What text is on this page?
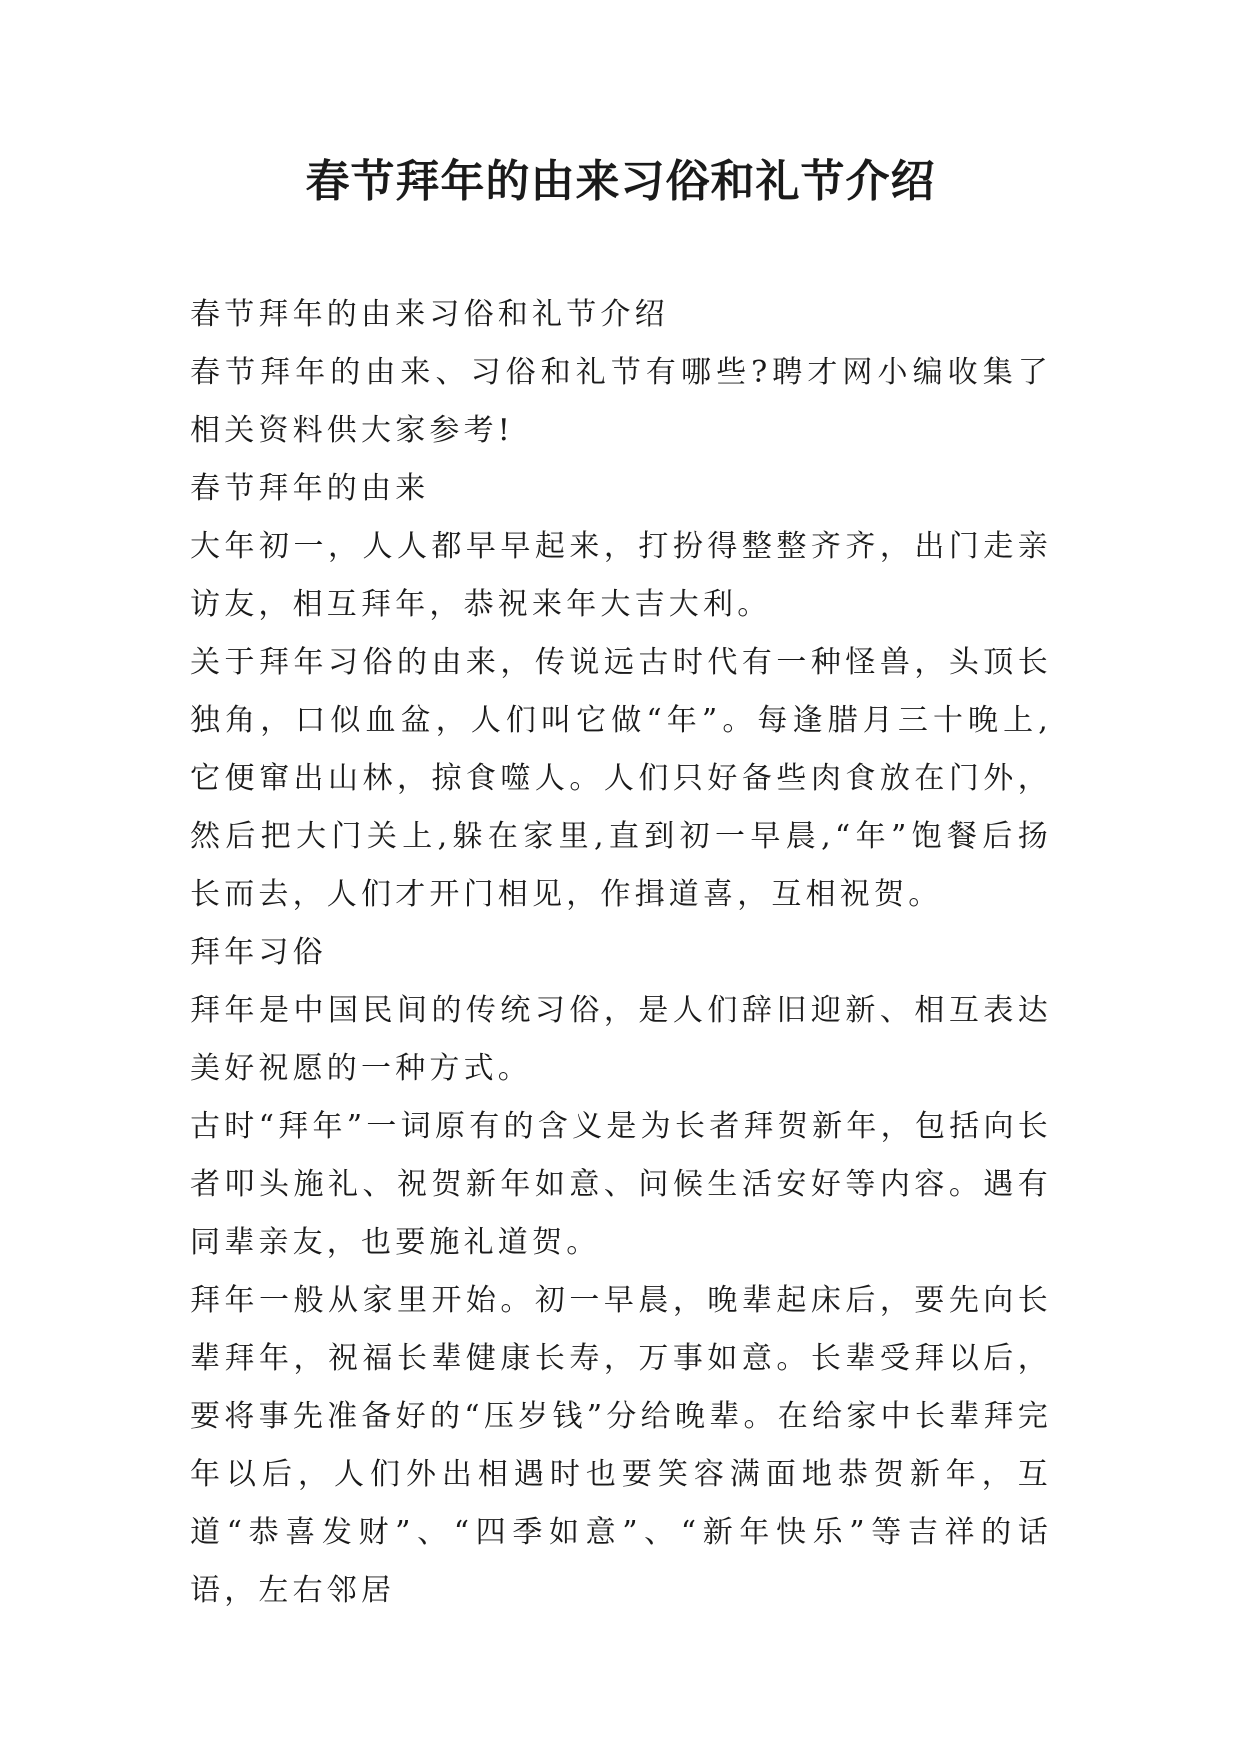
春节拜年的由来习俗和礼节介绍

春节拜年的由来习俗和礼节介绍

春节拜年的由来、习俗和礼节有哪些?聘才网小编收集了相关资料供大家参考!

春节拜年的由来

大年初一，人人都早早起来，打扮得整整齐齐，出门走亲访友，相互拜年，恭祝来年大吉大利。

关于拜年习俗的由来，传说远古时代有一种怪兽，头顶长独角，口似血盆，人们叫它做“年”。每逢腊月三十晚上,它便窜出山林，掠食噬人。人们只好备些肉食放在门外，然后把大门关上,躲在家里,直到初一早晨,“年”饱餐后扬长而去，人们才开门相见，作揖道喜，互相祝贺。

拜年习俗

拜年是中国民间的传统习俗，是人们辞旧迎新、相互表达美好祝愿的一种方式。

古时“拜年”一词原有的含义是为长者拜贺新年，包括向长者叩头施礼、祝贺新年如意、问候生活安好等内容。遇有同辈亲友，也要施礼道贺。

拜年一般从家里开始。初一早晨，晚辈起床后，要先向长辈拜年，祝福长辈健康长寿，万事如意。长辈受拜以后，要将事先准备好的“压岁钱”分给晚辈。在给家中长辈拜完年以后，人们外出相遇时也要笑容满面地恭贺新年，互道“恭喜发财”、“四季如意”、“新年快乐”等吉祥的话语，左右邻居
